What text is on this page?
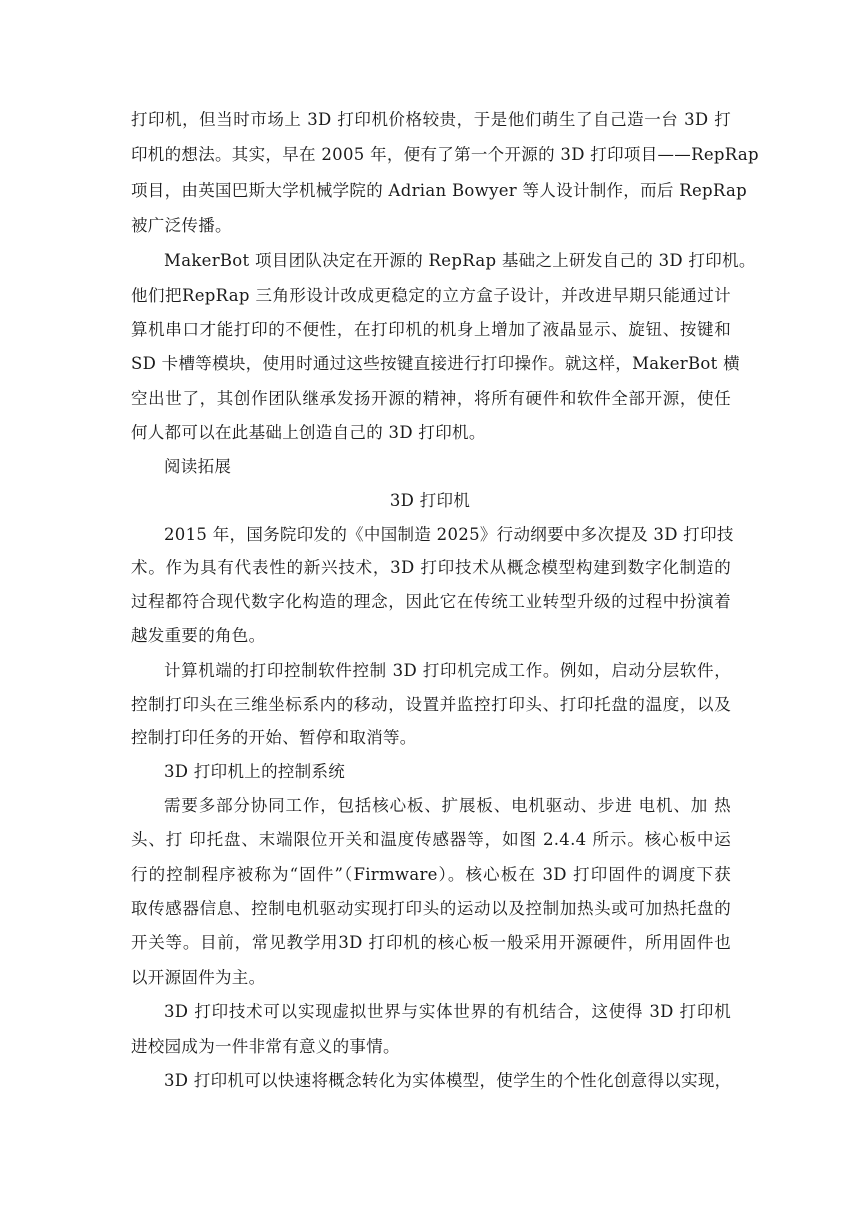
打印机，但当时市场上 3D 打印机价格较贵，于是他们萌生了自己造一台 3D 打
印机的想法。其实，早在 2005 年，便有了第一个开源的 3D 打印项目——RepRap
项目，由英国巴斯大学机械学院的 Adrian Bowyer 等人设计制作，而后 RepRap
被广泛传播。
MakerBot 项目团队决定在开源的 RepRap 基础之上研发自己的 3D 打印机。
他们把RepRap 三角形设计改成更稳定的立方盒子设计，并改进早期只能通过计
算机串口才能打印的不便性，在打印机的机身上增加了液晶显示、旋钮、按键和
SD 卡槽等模块，使用时通过这些按键直接进行打印操作。就这样，MakerBot 横
空出世了，其创作团队继承发扬开源的精神，将所有硬件和软件全部开源，使任
何人都可以在此基础上创造自己的 3D 打印机。
阅读拓展
3D 打印机
2015 年，国务院印发的《中国制造 2025》行动纲要中多次提及 3D 打印技
术。作为具有代表性的新兴技术，3D 打印技术从概念模型构建到数字化制造的
过程都符合现代数字化构造的理念，因此它在传统工业转型升级的过程中扮演着
越发重要的角色。
计算机端的打印控制软件控制 3D 打印机完成工作。例如，启动分层软件，
控制打印头在三维坐标系内的移动，设置并监控打印头、打印托盘的温度，以及
控制打印任务的开始、暂停和取消等。
3D 打印机上的控制系统
需要多部分协同工作，包括核心板、扩展板、电机驱动、步进 电机、加 热
头、打 印托盘、末端限位开关和温度传感器等，如图 2.4.4 所示。核心板中运
行的控制程序被称为“固件”（Firmware）。核心板在 3D 打印固件的调度下获
取传感器信息、控制电机驱动实现打印头的运动以及控制加热头或可加热托盘的
开关等。目前，常见教学用3D 打印机的核心板一般采用开源硬件，所用固件也
以开源固件为主。
3D 打印技术可以实现虚拟世界与实体世界的有机结合，这使得 3D 打印机
进校园成为一件非常有意义的事情。
3D 打印机可以快速将概念转化为实体模型，使学生的个性化创意得以实现，
